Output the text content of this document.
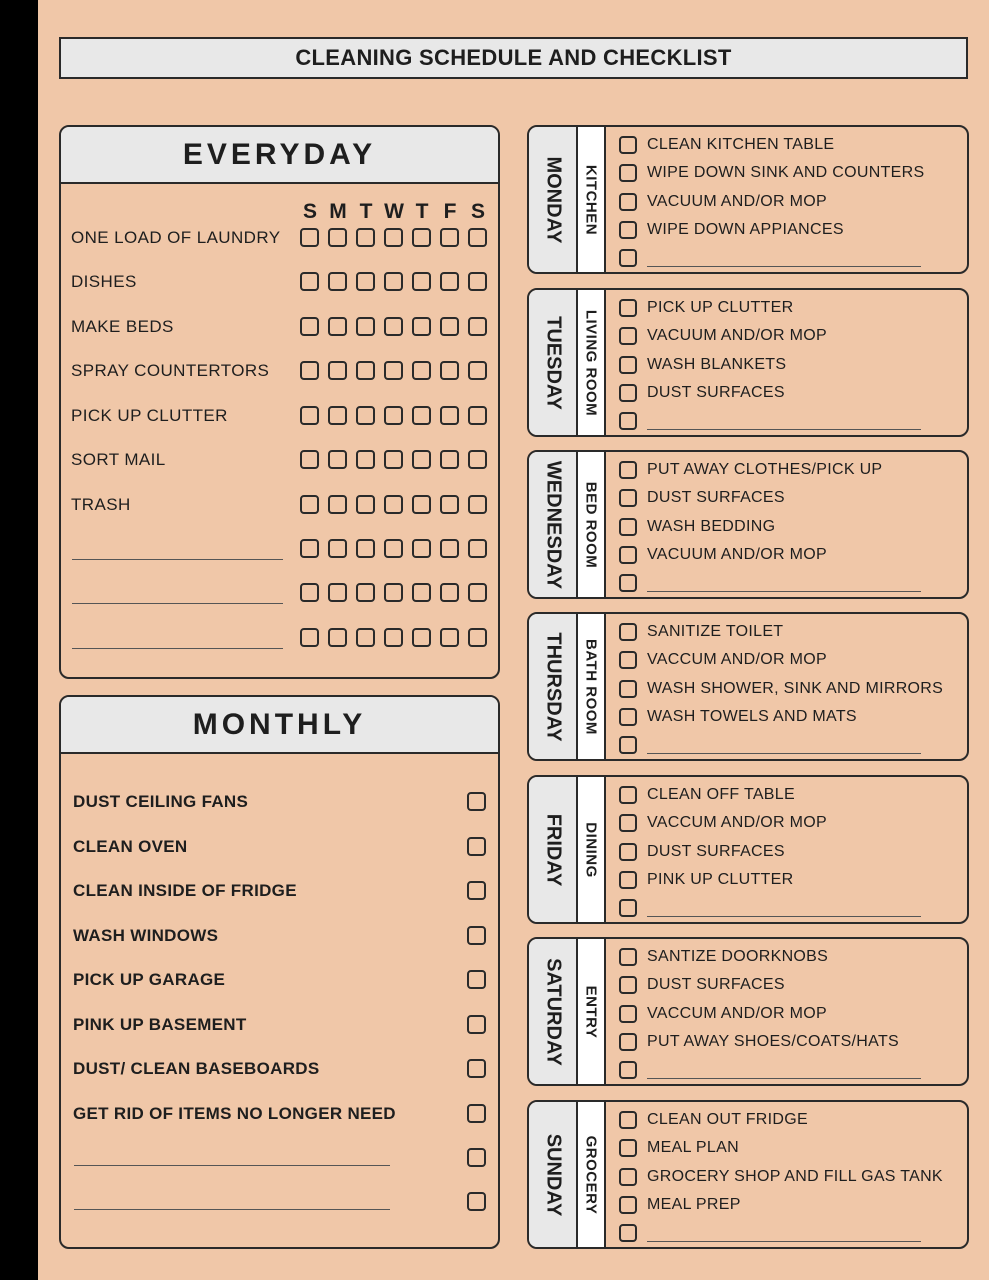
CLEANING SCHEDULE AND CHECKLIST
EVERYDAY
S M T W T F S
ONE LOAD OF LAUNDRY
DISHES
MAKE BEDS
SPRAY COUNTERTORS
PICK UP CLUTTER
SORT MAIL
TRASH
MONTHLY
DUST CEILING FANS
CLEAN OVEN
CLEAN INSIDE OF FRIDGE
WASH WINDOWS
PICK UP GARAGE
PINK UP BASEMENT
DUST/ CLEAN BASEBOARDS
GET RID OF ITEMS NO LONGER NEED
MONDAY KITCHEN
CLEAN KITCHEN TABLE
WIPE DOWN SINK AND COUNTERS
VACUUM AND/OR MOP
WIPE DOWN APPIANCES
TUESDAY LIVING ROOM
PICK UP CLUTTER
VACUUM AND/OR MOP
WASH BLANKETS
DUST SURFACES
WEDNESDAY BED ROOM
PUT AWAY CLOTHES/PICK UP
DUST SURFACES
WASH BEDDING
VACUUM AND/OR MOP
THURSDAY BATH ROOM
SANITIZE TOILET
VACCUM AND/OR MOP
WASH SHOWER, SINK AND MIRRORS
WASH TOWELS AND MATS
FRIDAY DINING
CLEAN OFF TABLE
VACCUM AND/OR MOP
DUST SURFACES
PINK UP CLUTTER
SATURDAY ENTRY
SANTIZE DOORKNOBS
DUST SURFACES
VACCUM AND/OR MOP
PUT AWAY SHOES/COATS/HATS
SUNDAY GROCERY
CLEAN OUT FRIDGE
MEAL PLAN
GROCERY SHOP AND FILL GAS TANK
MEAL PREP
